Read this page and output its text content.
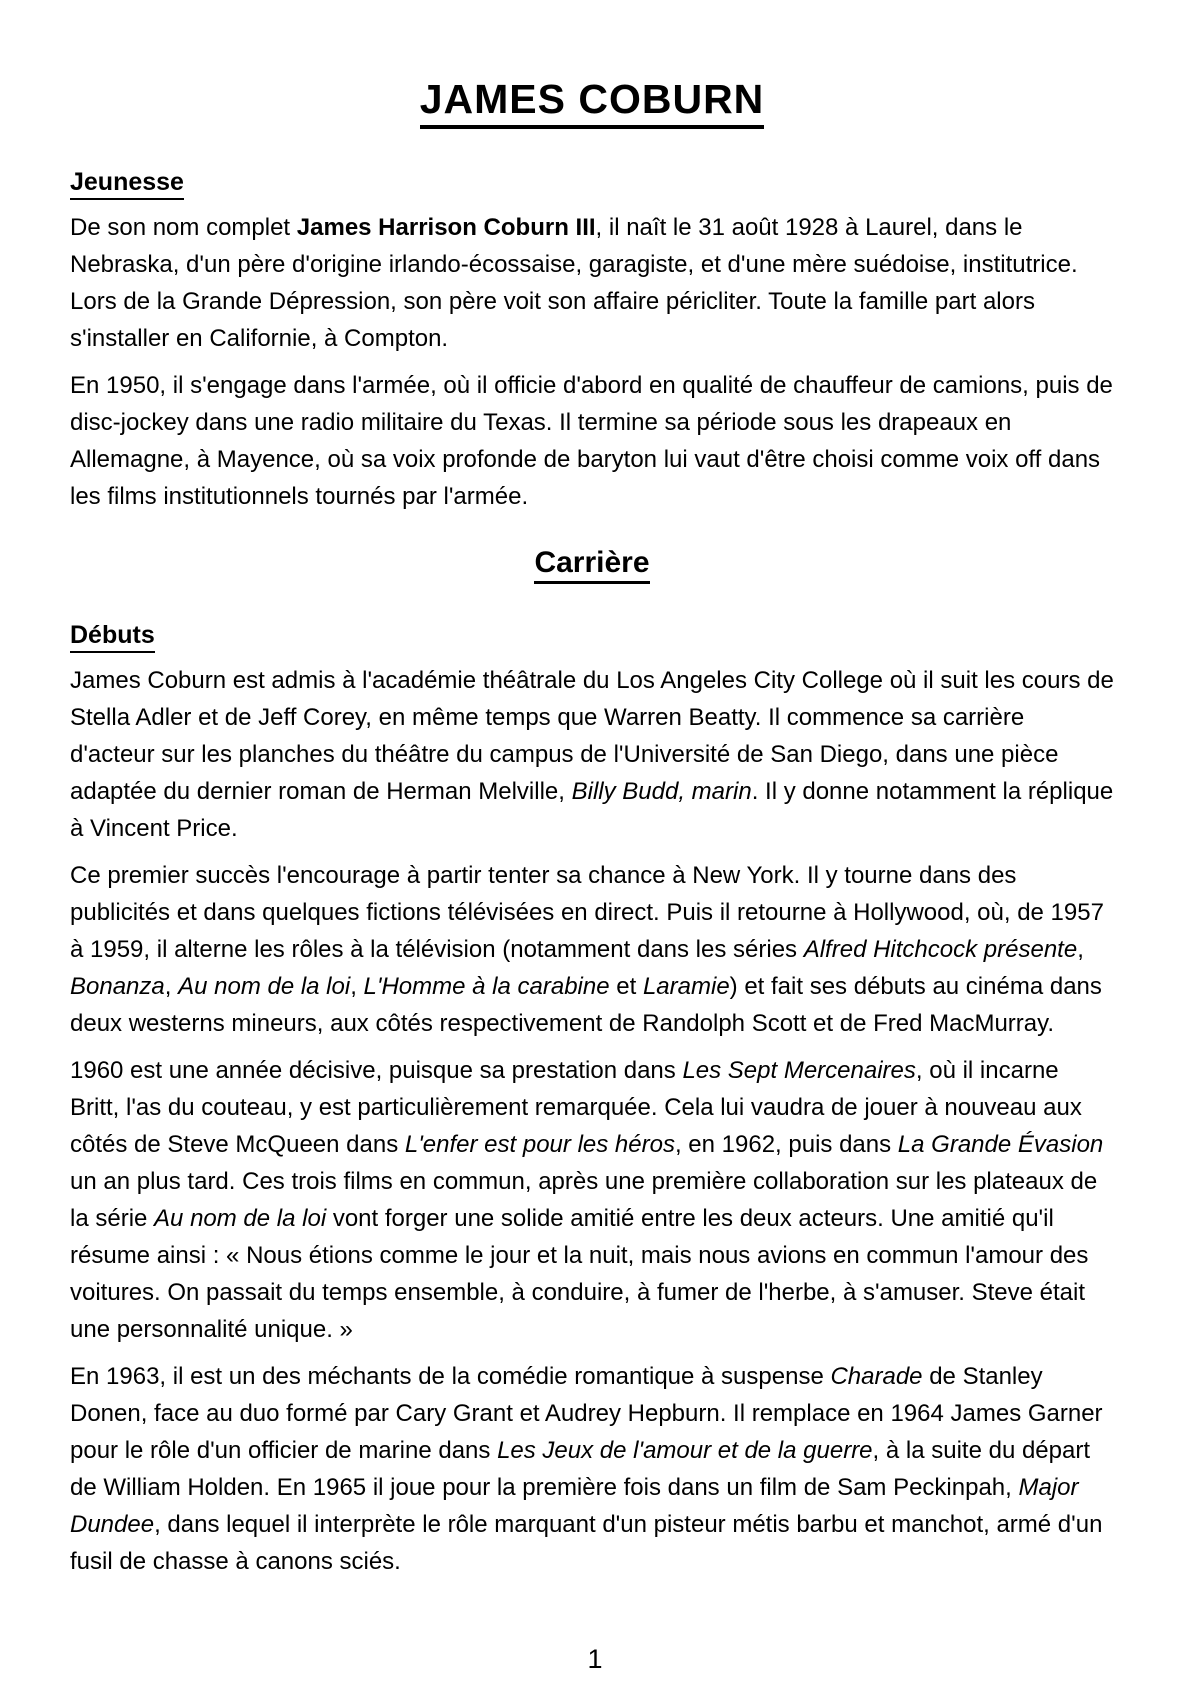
JAMES COBURN
Jeunesse

De son nom complet James Harrison Coburn III, il naît le 31 août 1928 à Laurel, dans le Nebraska, d'un père d'origine irlando-écossaise, garagiste, et d'une mère suédoise, institutrice. Lors de la Grande Dépression, son père voit son affaire péricliter. Toute la famille part alors s'installer en Californie, à Compton.

En 1950, il s'engage dans l'armée, où il officie d'abord en qualité de chauffeur de camions, puis de disc-jockey dans une radio militaire du Texas. Il termine sa période sous les drapeaux en Allemagne, à Mayence, où sa voix profonde de baryton lui vaut d'être choisi comme voix off dans les films institutionnels tournés par l'armée.

Carrière
Débuts

James Coburn est admis à l'académie théâtrale du Los Angeles City College où il suit les cours de Stella Adler et de Jeff Corey, en même temps que Warren Beatty. Il commence sa carrière d'acteur sur les planches du théâtre du campus de l'Université de San Diego, dans une pièce adaptée du dernier roman de Herman Melville, Billy Budd, marin. Il y donne notamment la réplique à Vincent Price.

Ce premier succès l'encourage à partir tenter sa chance à New York. Il y tourne dans des publicités et dans quelques fictions télévisées en direct. Puis il retourne à Hollywood, où, de 1957 à 1959, il alterne les rôles à la télévision (notamment dans les séries Alfred Hitchcock présente, Bonanza, Au nom de la loi, L'Homme à la carabine et Laramie) et fait ses débuts au cinéma dans deux westerns mineurs, aux côtés respectivement de Randolph Scott et de Fred MacMurray.

1960 est une année décisive, puisque sa prestation dans Les Sept Mercenaires, où il incarne Britt, l'as du couteau, y est particulièrement remarquée. Cela lui vaudra de jouer à nouveau aux côtés de Steve McQueen dans L'enfer est pour les héros, en 1962, puis dans La Grande Évasion un an plus tard. Ces trois films en commun, après une première collaboration sur les plateaux de la série Au nom de la loi vont forger une solide amitié entre les deux acteurs. Une amitié qu'il résume ainsi : « Nous étions comme le jour et la nuit, mais nous avions en commun l'amour des voitures. On passait du temps ensemble, à conduire, à fumer de l'herbe, à s'amuser. Steve était une personnalité unique. »

En 1963, il est un des méchants de la comédie romantique à suspense Charade de Stanley Donen, face au duo formé par Cary Grant et Audrey Hepburn. Il remplace en 1964 James Garner pour le rôle d'un officier de marine dans Les Jeux de l'amour et de la guerre, à la suite du départ de William Holden. En 1965 il joue pour la première fois dans un film de Sam Peckinpah, Major Dundee, dans lequel il interprète le rôle marquant d'un pisteur métis barbu et manchot, armé d'un fusil de chasse à canons sciés.

1
